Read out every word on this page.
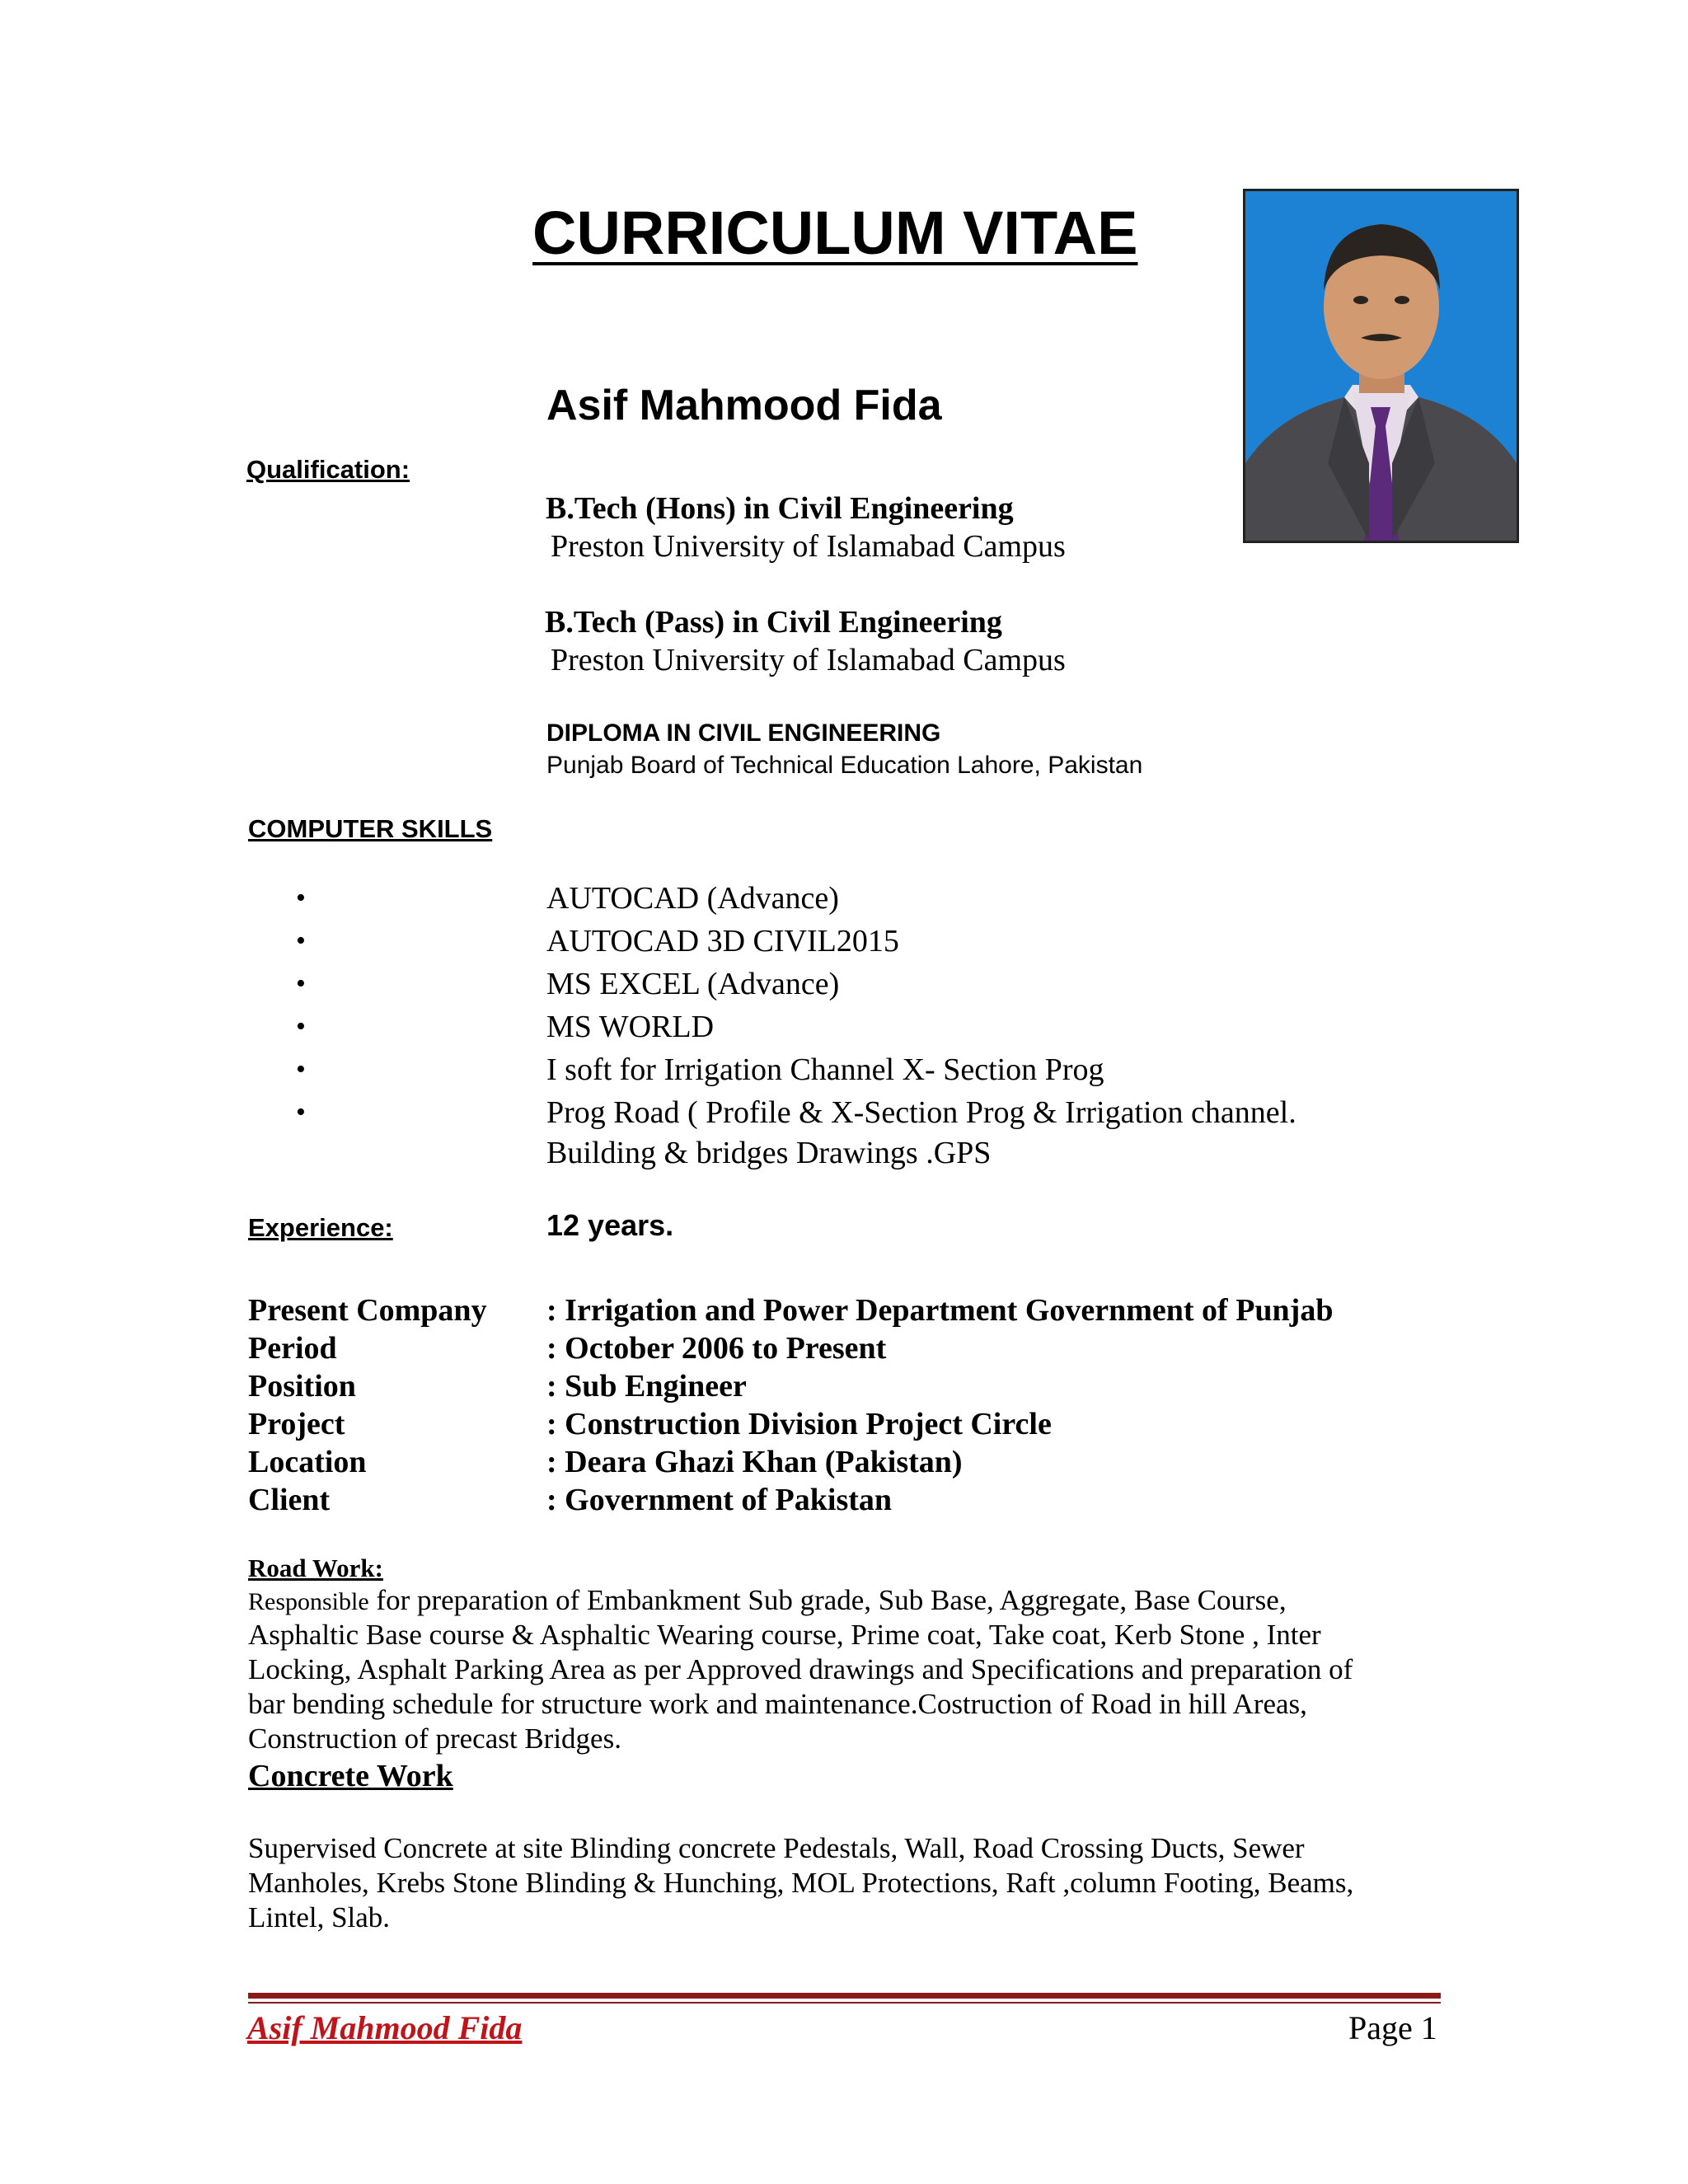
CURRICULUM VITAE
Asif Mahmood Fida
Qualification:
B.Tech (Hons) in Civil Engineering
Preston University of Islamabad Campus
B.Tech (Pass) in Civil Engineering
Preston University of Islamabad Campus
DIPLOMA IN CIVIL ENGINEERING
Punjab Board of Technical Education Lahore, Pakistan
COMPUTER SKILLS
•	AUTOCAD (Advance)
•	AUTOCAD 3D CIVIL2015
•	MS EXCEL (Advance)
•	MS WORLD
•	I soft for Irrigation Channel X- Section Prog
•	Prog Road ( Profile & X-Section Prog & Irrigation channel.
Building & bridges Drawings .GPS
Experience:	12 years.
Present Company : Irrigation and Power Department Government of Punjab
Period	: October 2006 to Present
Position	: Sub Engineer
Project	: Construction Division Project Circle
Location	: Deara Ghazi Khan (Pakistan)
Client	: Government of Pakistan
Road Work:
Responsible for preparation of Embankment Sub grade, Sub Base, Aggregate, Base Course,
Asphaltic Base course & Asphaltic Wearing course, Prime coat, Take coat, Kerb Stone , Inter
Locking, Asphalt Parking Area as per Approved drawings and Specifications and preparation of
bar bending schedule for structure work and maintenance.Costruction of Road in hill Areas,
Construction of precast Bridges.
Concrete Work
Supervised Concrete at site Blinding concrete Pedestals, Wall, Road Crossing Ducts, Sewer
Manholes, Krebs Stone Blinding & Hunching, MOL Protections, Raft ,column Footing, Beams,
Lintel, Slab.
Asif Mahmood Fida	Page 1
